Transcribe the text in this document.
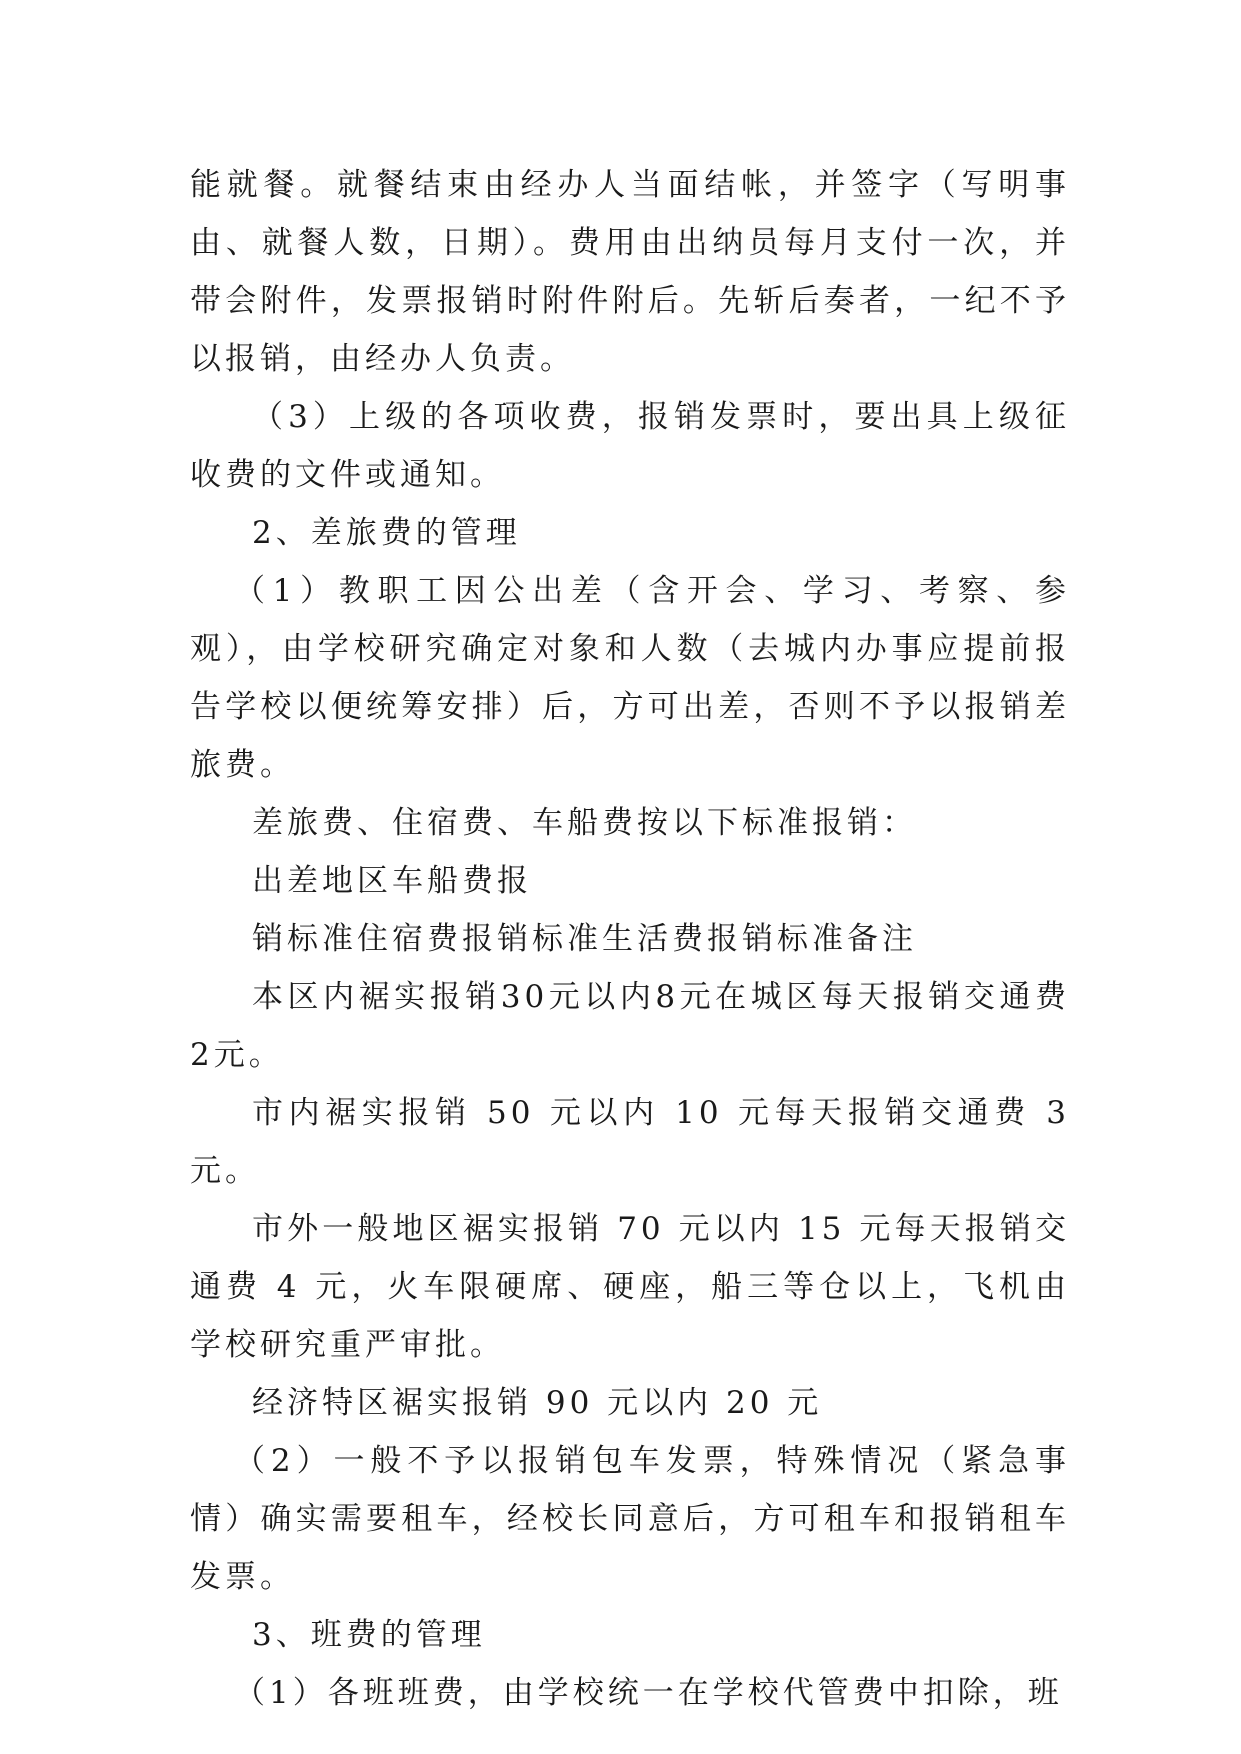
能就餐。就餐结束由经办人当面结帐，并签字（写明事由、就餐人数，日期）。费用由出纳员每月支付一次，并带会附件，发票报销时附件附后。先斩后奏者，一纪不予以报销，由经办人负责。

（3）上级的各项收费，报销发票时，要出具上级征收费的文件或通知。

2、差旅费的管理

（1）教职工因公出差（含开会、学习、考察、参观），由学校研究确定对象和人数（去城内办事应提前报告学校以便统筹安排）后，方可出差，否则不予以报销差旅费。

差旅费、住宿费、车船费按以下标准报销：

出差地区车船费报

销标准住宿费报销标准生活费报销标准备注

本区内裾实报销30元以内8元在城区每天报销交通费2元。

市内裾实报销 50 元以内 10 元每天报销交通费 3 元。

市外一般地区裾实报销 70 元以内 15 元每天报销交通费 4 元，火车限硬席、硬座，船三等仓以上，飞机由学校研究重严审批。

经济特区裾实报销 90 元以内 20 元

（2）一般不予以报销包车发票，特殊情况（紧急事情）确实需要租车，经校长同意后，方可租车和报销租车发票。

3、班费的管理

（1）各班班费，由学校统一在学校代管费中扣除，班
